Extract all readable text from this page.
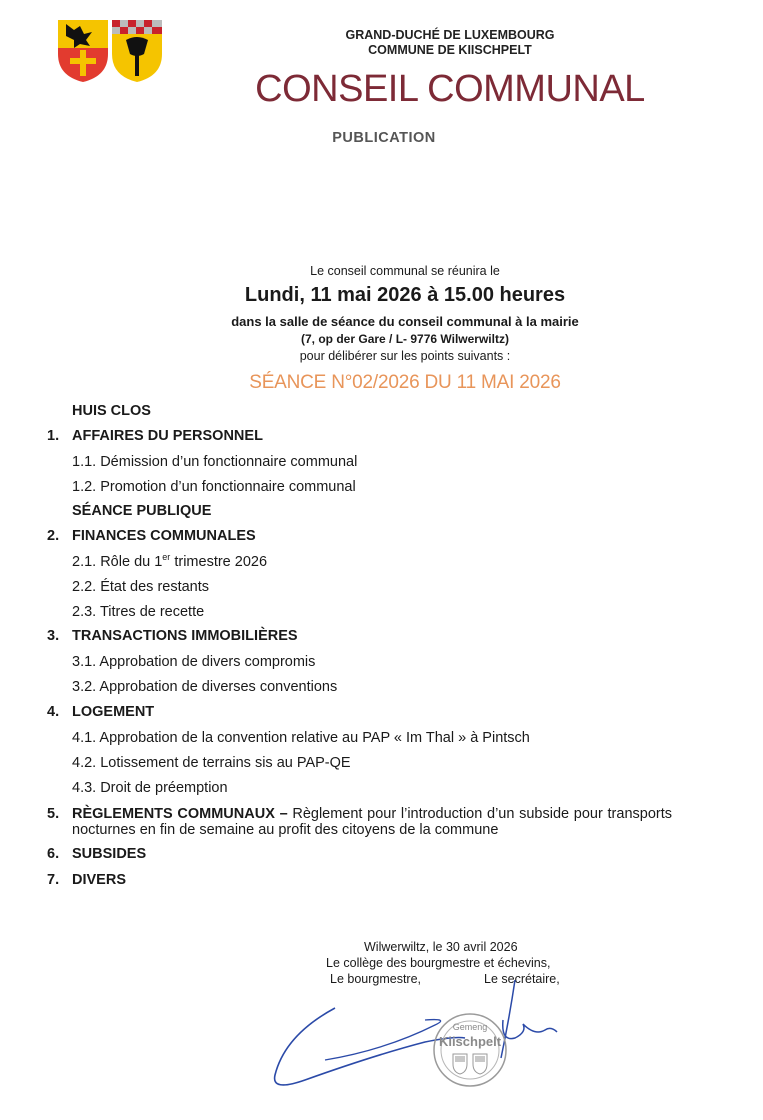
GRAND-DUCHÉ DE LUXEMBOURG
COMMUNE DE KIISCHPELT
CONSEIL COMMUNAL
PUBLICATION
Le conseil communal se réunira le
Lundi, 11 mai 2026 à 15.00 heures
dans la salle de séance du conseil communal à la mairie
(7, op der Gare / L- 9776 Wilwerwiltz)
pour délibérer sur les points suivants :
SÉANCE N°02/2026 DU 11 MAI 2026
HUIS CLOS
1. AFFAIRES DU PERSONNEL
1.1. Démission d’un fonctionnaire communal
1.2. Promotion d’un fonctionnaire communal
SÉANCE PUBLIQUE
2. FINANCES COMMUNALES
2.1. Rôle du 1er trimestre 2026
2.2. État des restants
2.3. Titres de recette
3. TRANSACTIONS IMMOBILIÈRES
3.1. Approbation de divers compromis
3.2. Approbation de diverses conventions
4. LOGEMENT
4.1. Approbation de la convention relative au PAP « Im Thal » à Pintsch
4.2. Lotissement de terrains sis au PAP-QE
4.3. Droit de préemption
5. RÈGLEMENTS COMMUNAUX – Règlement pour l’introduction d’un subside pour transports nocturnes en fin de semaine au profit des citoyens de la commune
6. SUBSIDES
7. DIVERS
Wilwerwiltz, le 30 avril 2026
Le collège des bourgmestre et échevins,
Le bourgmestre,	Le secrétaire,
Gemeng
Kiischpelt
